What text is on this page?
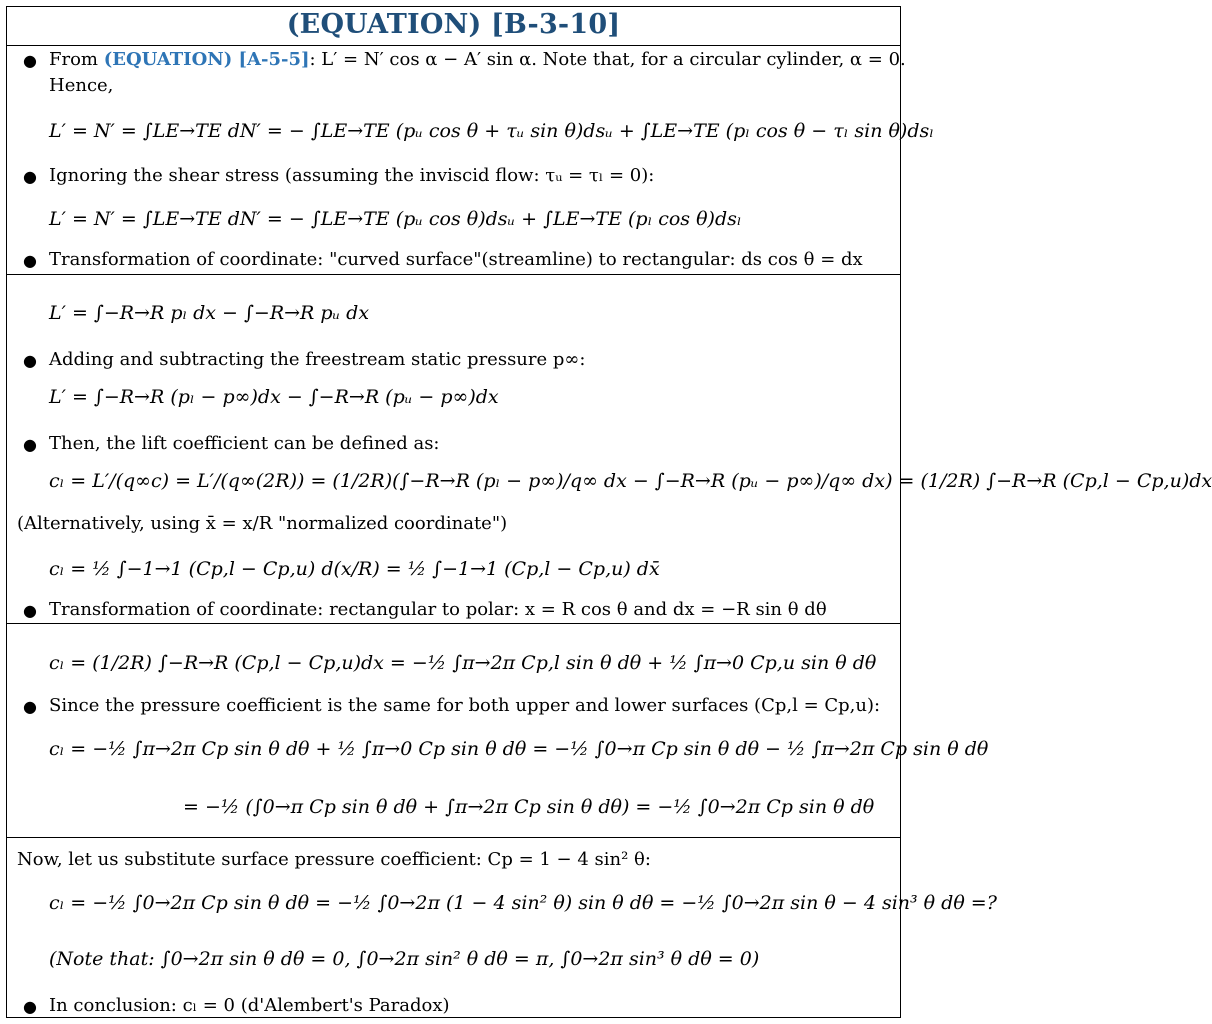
(EQUATION) [B-3-10]
● From (EQUATION) [A-5-5]: L′ = N′ cos α − A′ sin α. Note that, for a circular cylinder, α = 0.
Hence,
L′ = N′ = ∫LE→TE dN′ = − ∫LE→TE (pᵤ cos θ + τᵤ sin θ)dsᵤ + ∫LE→TE (pₗ cos θ − τₗ sin θ)dsₗ
● Ignoring the shear stress (assuming the inviscid flow: τᵤ = τₗ = 0):
L′ = N′ = ∫LE→TE dN′ = − ∫LE→TE (pᵤ cos θ)dsᵤ + ∫LE→TE (pₗ cos θ)dsₗ
● Transformation of coordinate: "curved surface"(streamline) to rectangular: ds cos θ = dx
L′ = ∫−R→R pₗ dx − ∫−R→R pᵤ dx
● Adding and subtracting the freestream static pressure p∞:
L′ = ∫−R→R (pₗ − p∞)dx − ∫−R→R (pᵤ − p∞)dx
● Then, the lift coefficient can be defined as:
cₗ = L′/(q∞c) = L′/(q∞(2R)) = (1/2R)(∫−R→R (pₗ − p∞)/q∞ dx − ∫−R→R (pᵤ − p∞)/q∞ dx) = (1/2R) ∫−R→R (Cp,l − Cp,u)dx
(Alternatively, using x̄ = x/R "normalized coordinate")
cₗ = ½ ∫−1→1 (Cp,l − Cp,u) d(x/R) = ½ ∫−1→1 (Cp,l − Cp,u) dx̄
● Transformation of coordinate: rectangular to polar: x = R cos θ and dx = −R sin θ dθ
cₗ = (1/2R) ∫−R→R (Cp,l − Cp,u)dx = −½ ∫π→2π Cp,l sin θ dθ + ½ ∫π→0 Cp,u sin θ dθ
● Since the pressure coefficient is the same for both upper and lower surfaces (Cp,l = Cp,u):
cₗ = −½ ∫π→2π Cp sin θ dθ + ½ ∫π→0 Cp sin θ dθ = −½ ∫0→π Cp sin θ dθ − ½ ∫π→2π Cp sin θ dθ
= −½ (∫0→π Cp sin θ dθ + ∫π→2π Cp sin θ dθ) = −½ ∫0→2π Cp sin θ dθ
Now, let us substitute surface pressure coefficient: Cp = 1 − 4 sin² θ:
cₗ = −½ ∫0→2π Cp sin θ dθ = −½ ∫0→2π (1 − 4 sin² θ) sin θ dθ = −½ ∫0→2π sin θ − 4 sin³ θ dθ =?
(Note that: ∫0→2π sin θ dθ = 0, ∫0→2π sin² θ dθ = π, ∫0→2π sin³ θ dθ = 0)
● In conclusion: cₗ = 0 (d'Alembert's Paradox)
